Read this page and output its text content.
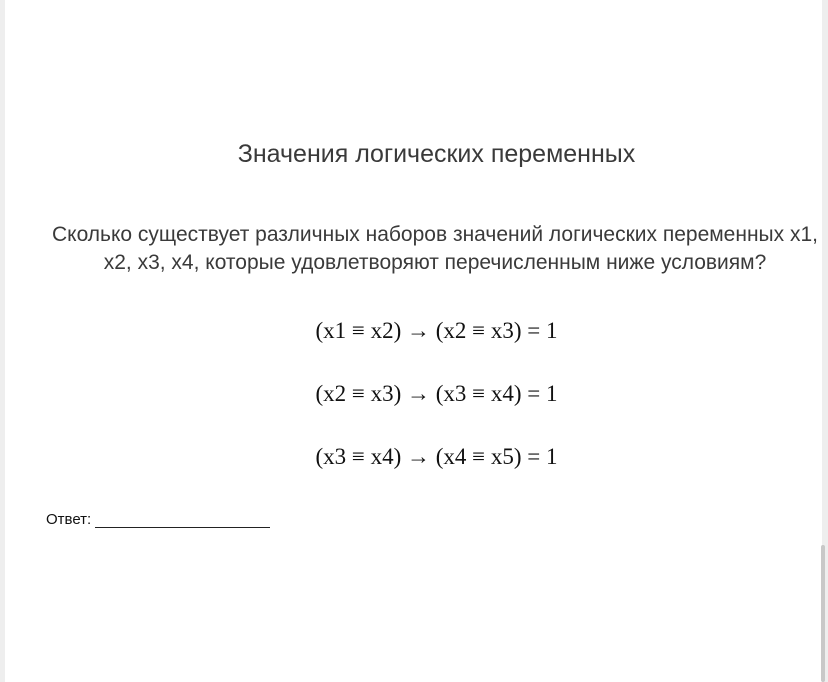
Значения логических переменных
Сколько существует различных наборов значений логических переменных x1, x2, x3, x4, которые удовлетворяют перечисленным ниже условиям?
(x1 ≡ x2) → (x2 ≡ x3) = 1
(x2 ≡ x3) → (x3 ≡ x4) = 1
(x3 ≡ x4) → (x4 ≡ x5) = 1
Ответ:
